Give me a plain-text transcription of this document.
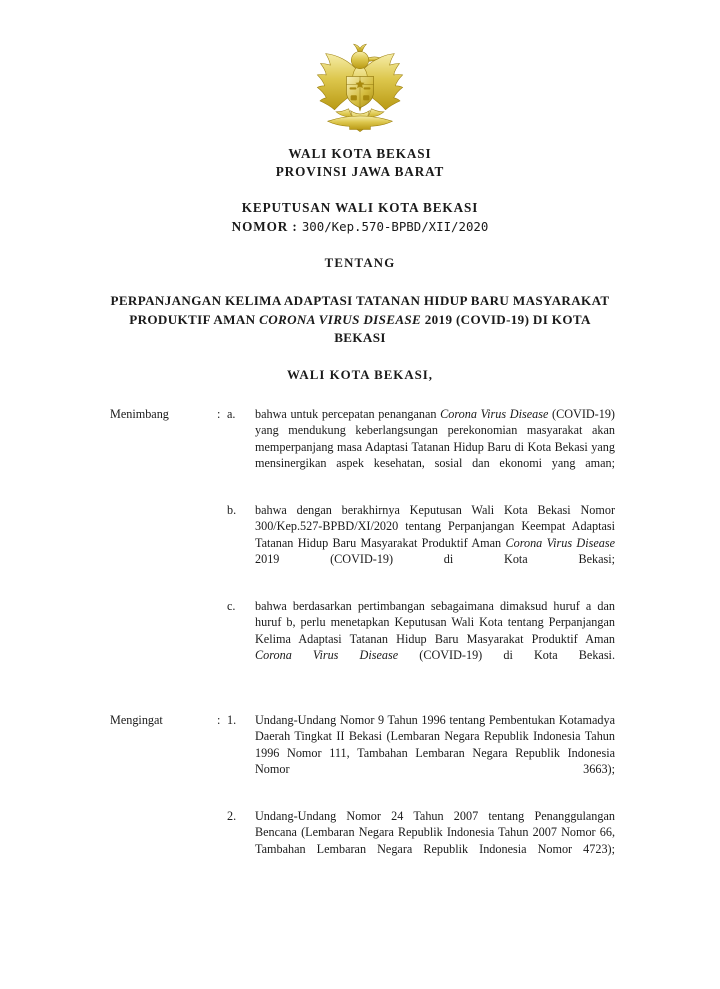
WALI KOTA BEKASI
PROVINSI JAWA BARAT
KEPUTUSAN WALI KOTA BEKASI
NOMOR : 300/Kep.570-BPBD/XII/2020
TENTANG
PERPANJANGAN KELIMA ADAPTASI TATANAN HIDUP BARU MASYARAKAT PRODUKTIF AMAN CORONA VIRUS DISEASE 2019 (COVID-19) DI KOTA BEKASI
WALI KOTA BEKASI,
Menimbang	: a.	bahwa untuk percepatan penanganan Corona Virus Disease (COVID-19) yang mendukung keberlangsungan perekonomian masyarakat akan memperpanjang masa Adaptasi Tatanan Hidup Baru di Kota Bekasi yang mensinergikan aspek kesehatan, sosial dan ekonomi yang aman;
b.	bahwa dengan berakhirnya Keputusan Wali Kota Bekasi Nomor 300/Kep.527-BPBD/XI/2020 tentang Perpanjangan Keempat Adaptasi Tatanan Hidup Baru Masyarakat Produktif Aman Corona Virus Disease 2019 (COVID-19) di Kota Bekasi;
c.	bahwa berdasarkan pertimbangan sebagaimana dimaksud huruf a dan huruf b, perlu menetapkan Keputusan Wali Kota tentang Perpanjangan Kelima Adaptasi Tatanan Hidup Baru Masyarakat Produktif Aman Corona Virus Disease (COVID-19) di Kota Bekasi.
Mengingat	: 1.	Undang-Undang Nomor 9 Tahun 1996 tentang Pembentukan Kotamadya Daerah Tingkat II Bekasi (Lembaran Negara Republik Indonesia Tahun 1996 Nomor 111, Tambahan Lembaran Negara Republik Indonesia Nomor 3663);
2.	Undang-Undang Nomor 24 Tahun 2007 tentang Penanggulangan Bencana (Lembaran Negara Republik Indonesia Tahun 2007 Nomor 66, Tambahan Lembaran Negara Republik Indonesia Nomor 4723);
